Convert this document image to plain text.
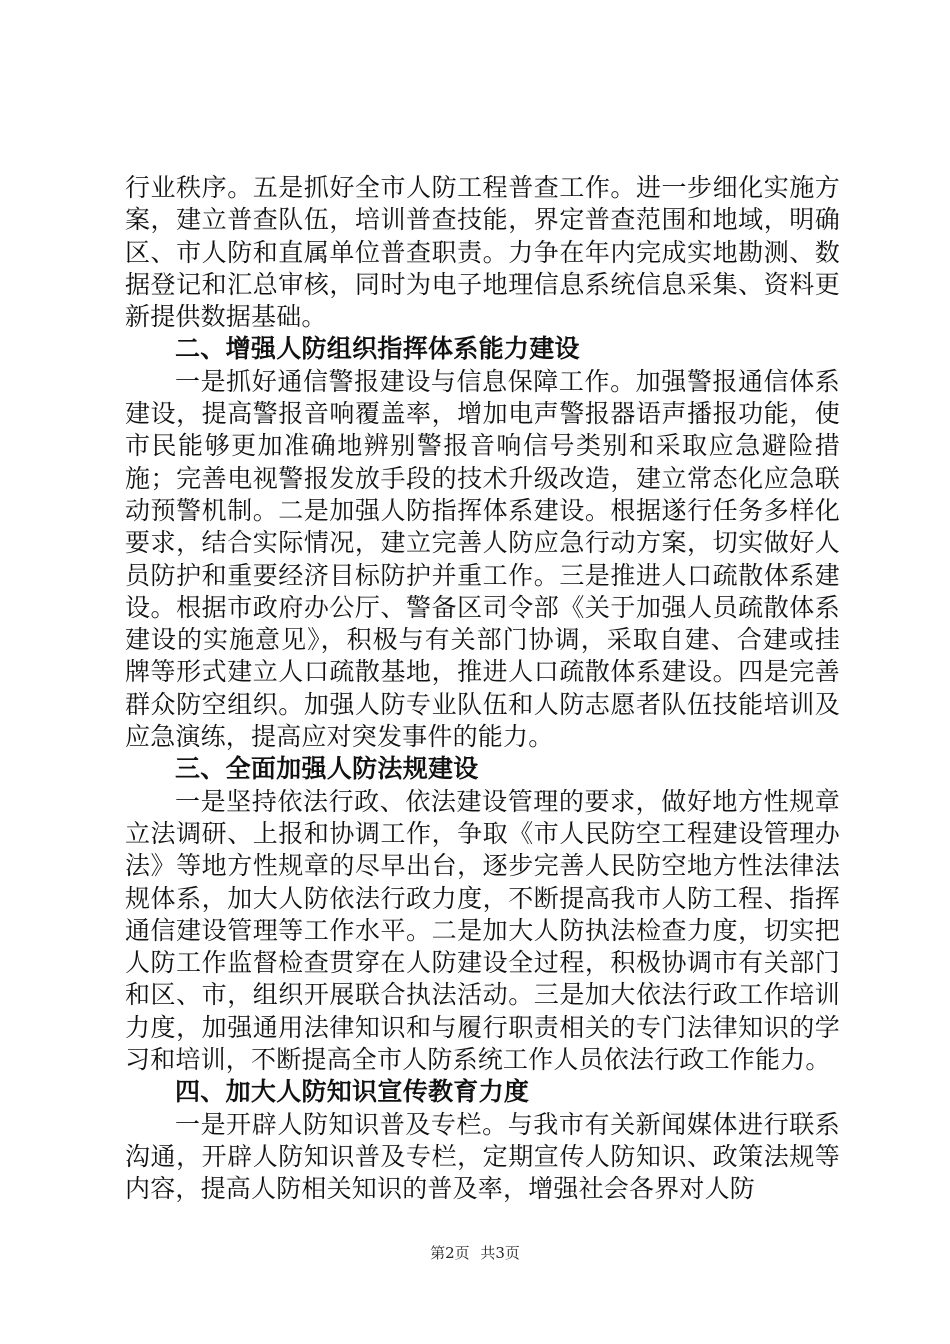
行业秩序。五是抓好全市人防工程普查工作。进一步细化实施方案，建立普查队伍，培训普查技能，界定普查范围和地域，明确区、市人防和直属单位普查职责。力争在年内完成实地勘测、数据登记和汇总审核，同时为电子地理信息系统信息采集、资料更新提供数据基础。

二、增强人防组织指挥体系能力建设

一是抓好通信警报建设与信息保障工作。加强警报通信体系建设，提高警报音响覆盖率，增加电声警报器语声播报功能，使市民能够更加准确地辨别警报音响信号类别和采取应急避险措施；完善电视警报发放手段的技术升级改造，建立常态化应急联动预警机制。二是加强人防指挥体系建设。根据遂行任务多样化要求，结合实际情况，建立完善人防应急行动方案，切实做好人员防护和重要经济目标防护并重工作。三是推进人口疏散体系建设。根据市政府办公厅、警备区司令部《关于加强人员疏散体系建设的实施意见》，积极与有关部门协调，采取自建、合建或挂牌等形式建立人口疏散基地，推进人口疏散体系建设。四是完善群众防空组织。加强人防专业队伍和人防志愿者队伍技能培训及应急演练，提高应对突发事件的能力。

三、全面加强人防法规建设

一是坚持依法行政、依法建设管理的要求，做好地方性规章立法调研、上报和协调工作，争取《市人民防空工程建设管理办法》等地方性规章的尽早出台，逐步完善人民防空地方性法律法规体系，加大人防依法行政力度，不断提高我市人防工程、指挥通信建设管理等工作水平。二是加大人防执法检查力度，切实把人防工作监督检查贯穿在人防建设全过程，积极协调市有关部门和区、市，组织开展联合执法活动。三是加大依法行政工作培训力度，加强通用法律知识和与履行职责相关的专门法律知识的学习和培训，不断提高全市人防系统工作人员依法行政工作能力。

四、加大人防知识宣传教育力度

一是开辟人防知识普及专栏。与我市有关新闻媒体进行联系沟通，开辟人防知识普及专栏，定期宣传人防知识、政策法规等内容，提高人防相关知识的普及率，增强社会各界对人防

第2页 共3页
